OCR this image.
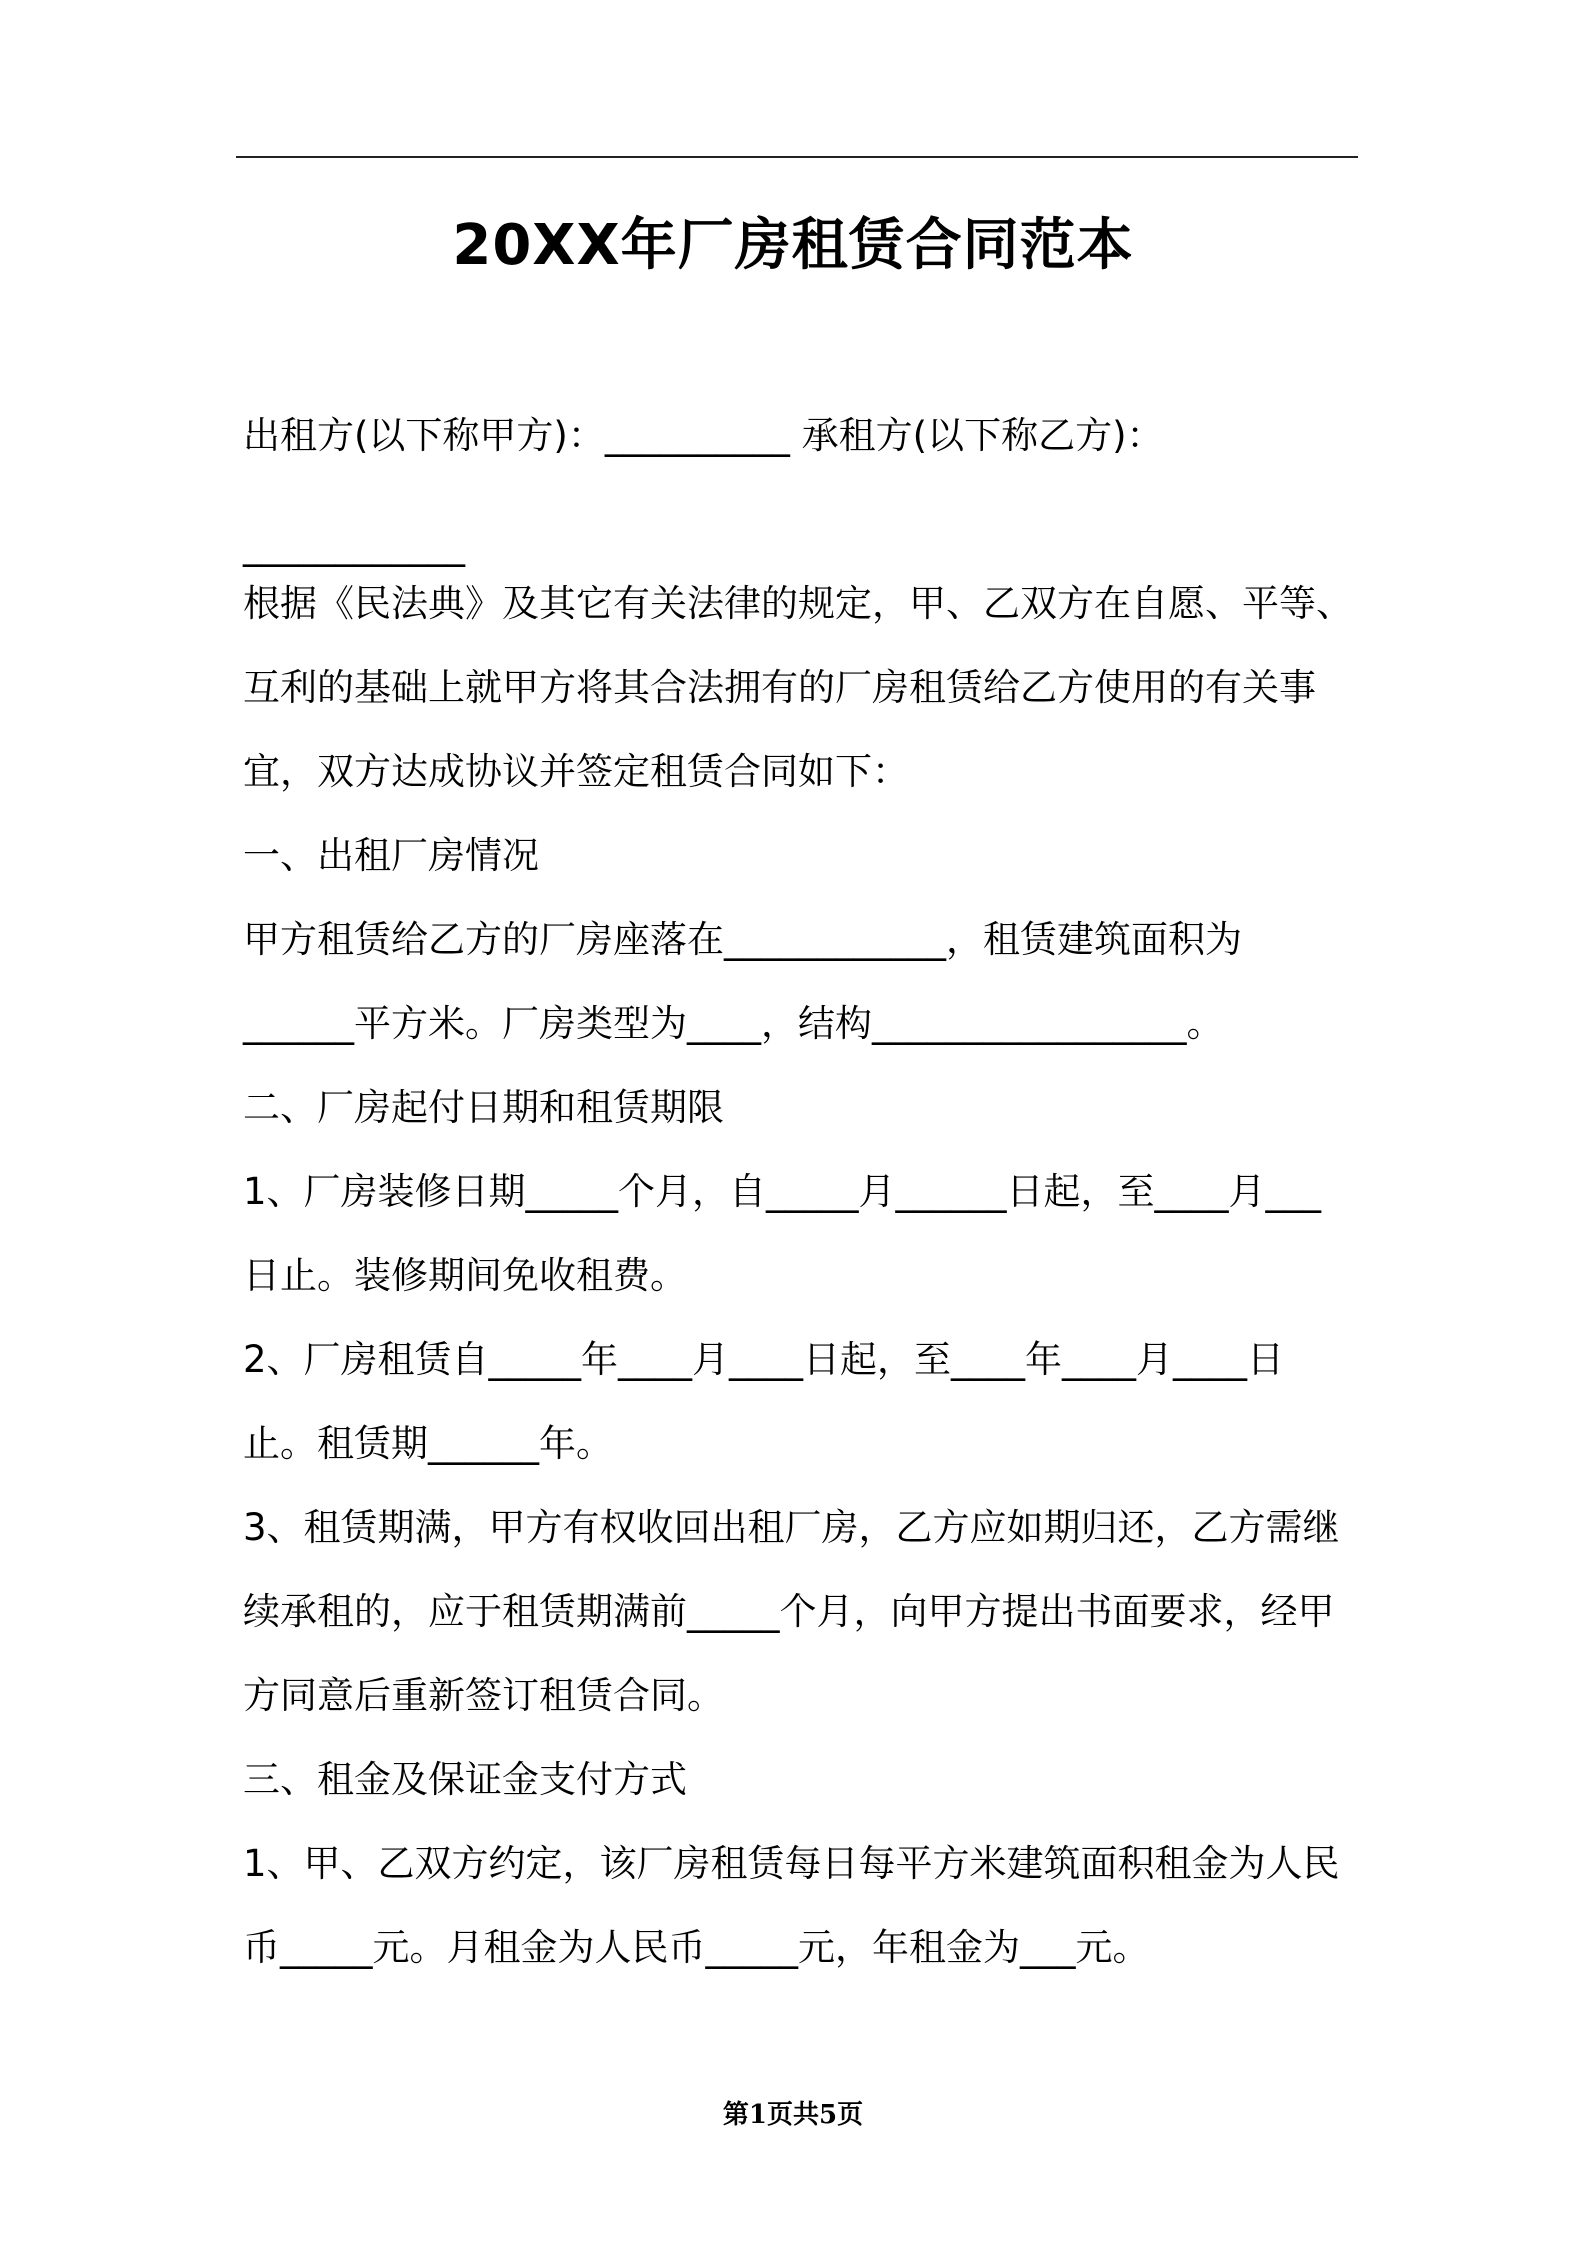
20XX年厂房租赁合同范本
出租方(以下称甲方)：__________ 承租方(以下称乙方)：
____________
根据《民法典》及其它有关法律的规定，甲、乙双方在自愿、平等、
互利的基础上就甲方将其合法拥有的厂房租赁给乙方使用的有关事
宜，双方达成协议并签定租赁合同如下：
一、出租厂房情况
甲方租赁给乙方的厂房座落在____________，租赁建筑面积为
______平方米。厂房类型为____，结构_________________。
二、厂房起付日期和租赁期限
1、厂房装修日期_____个月，自_____月______日起，至____月___
日止。装修期间免收租费。
2、厂房租赁自_____年____月____日起，至____年____月____日
止。租赁期______年。
3、租赁期满，甲方有权收回出租厂房，乙方应如期归还，乙方需继
续承租的，应于租赁期满前_____个月，向甲方提出书面要求，经甲
方同意后重新签订租赁合同。
三、租金及保证金支付方式
1、甲、乙双方约定，该厂房租赁每日每平方米建筑面积租金为人民
币_____元。月租金为人民币_____元，年租金为___元。
第1页共5页
